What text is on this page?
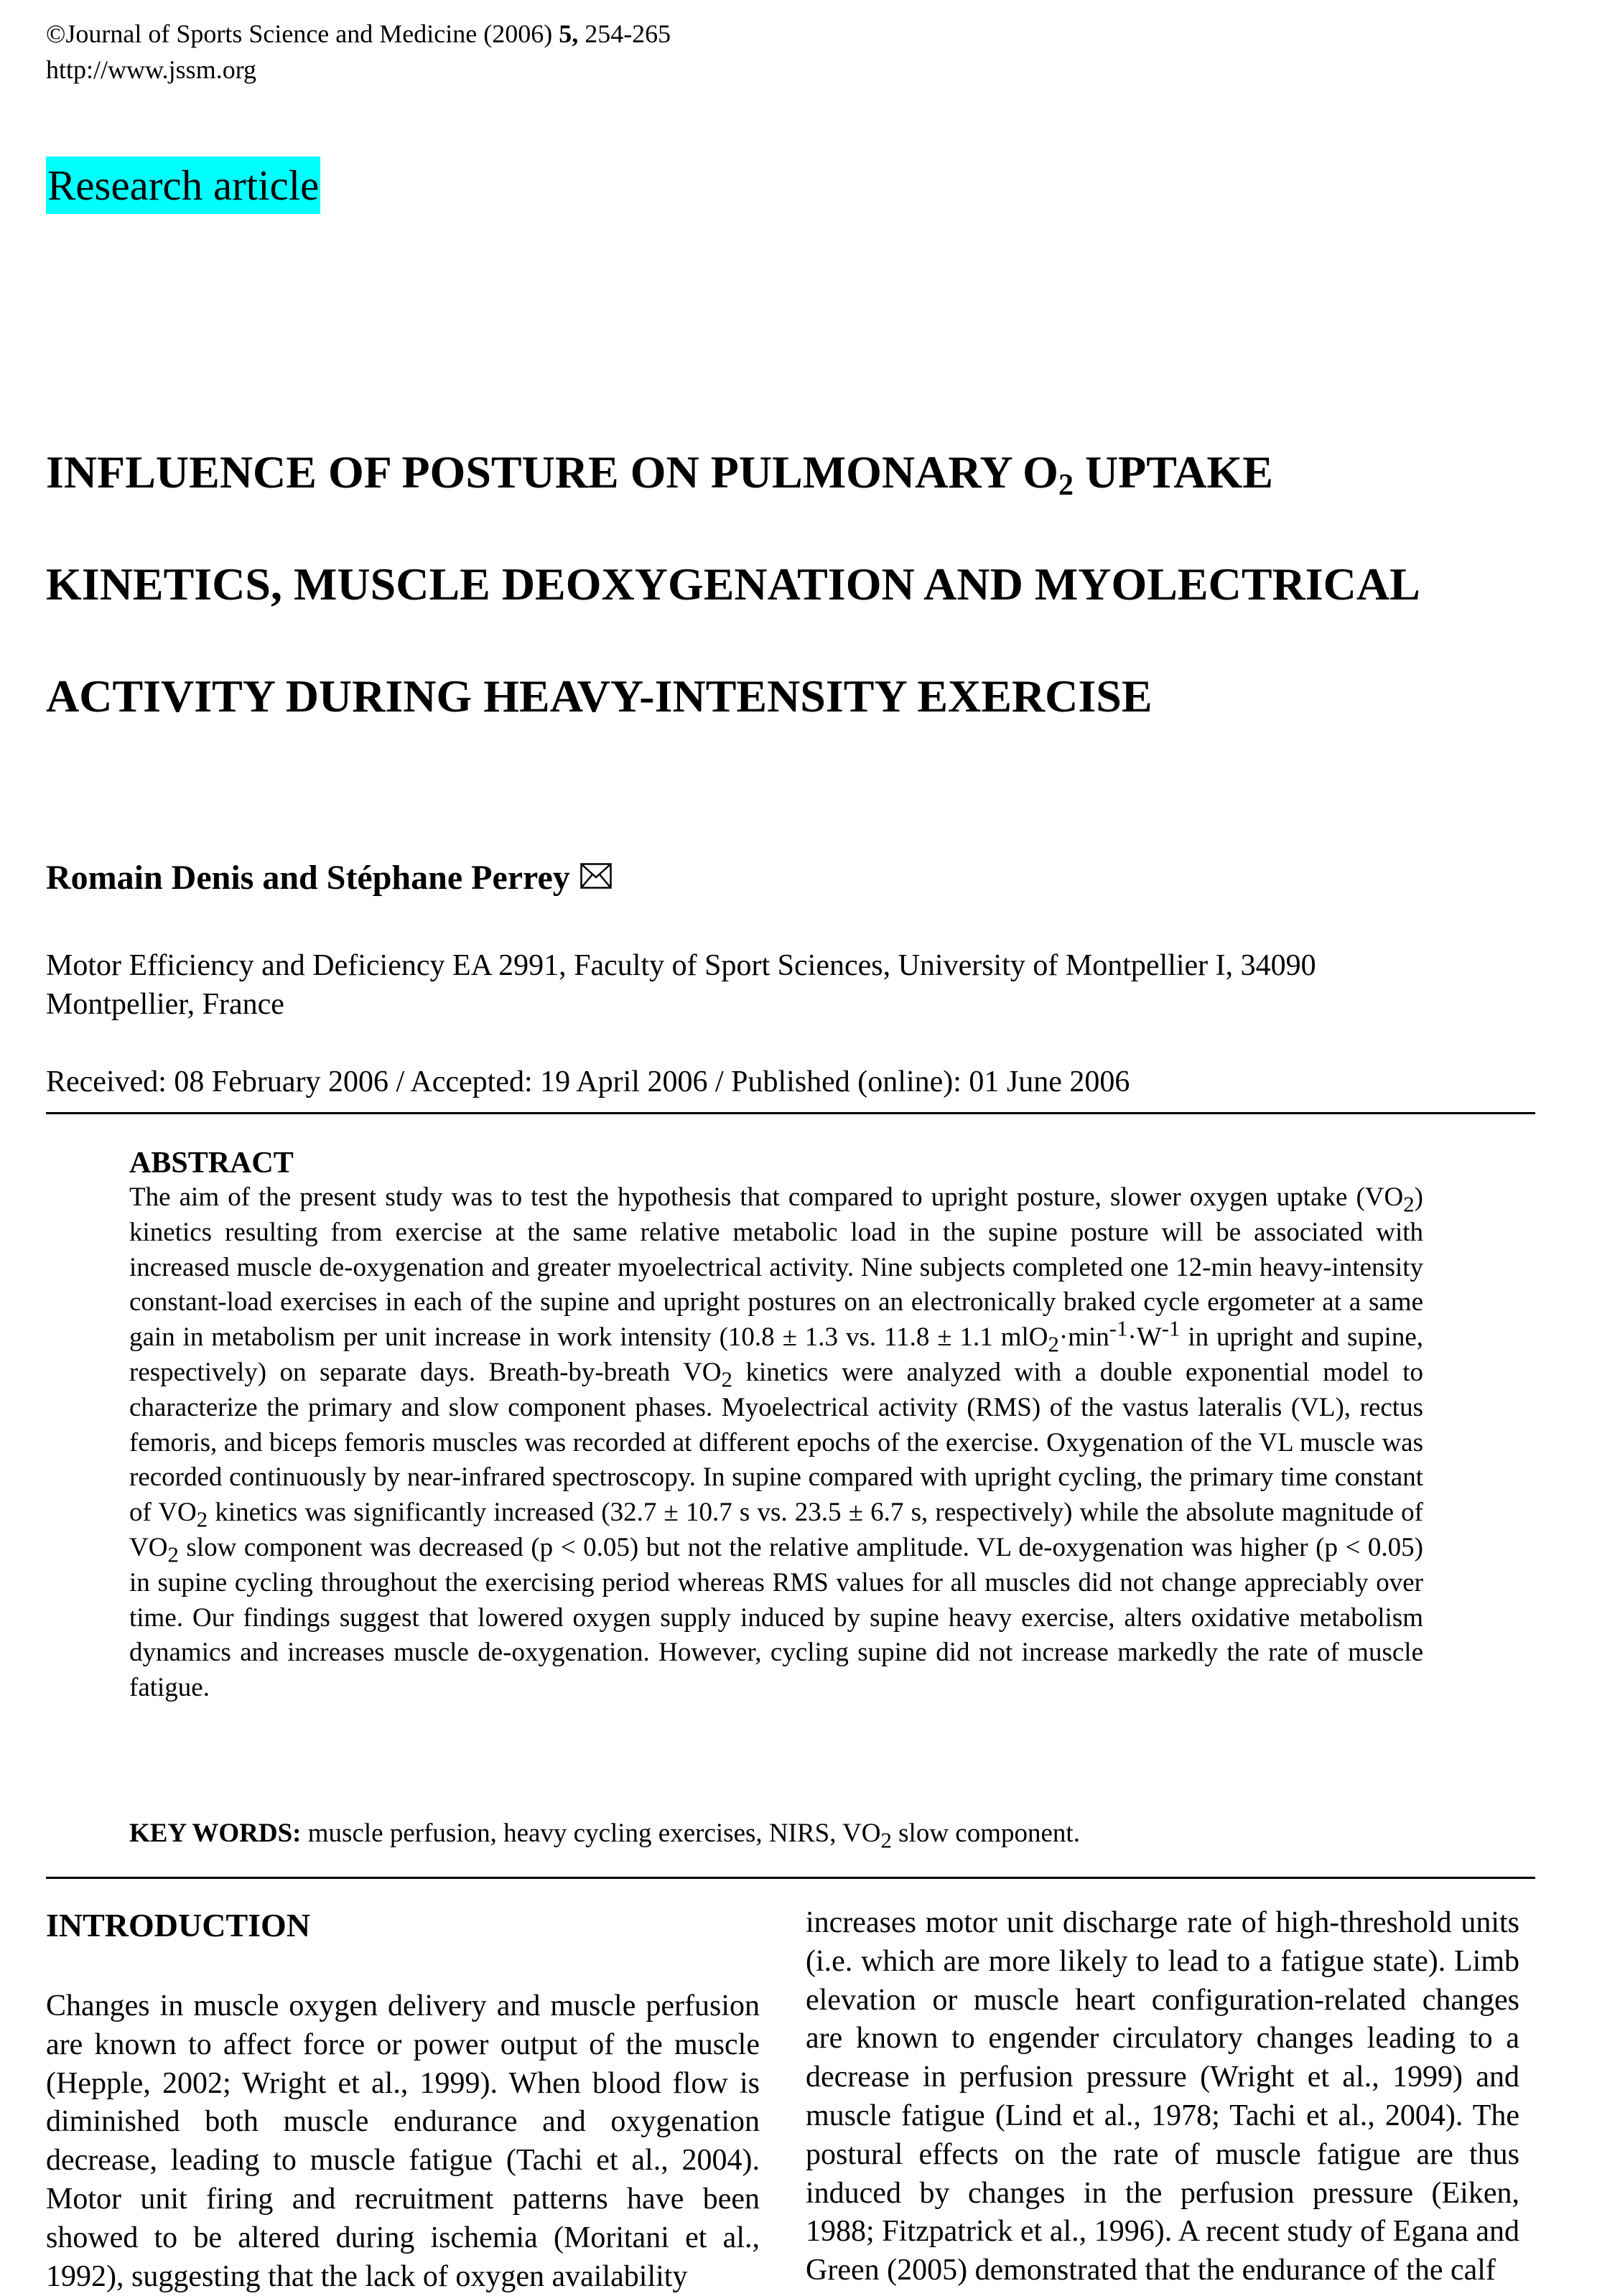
©Journal of Sports Science and Medicine (2006) 5, 254-265
http://www.jssm.org
Research article
INFLUENCE OF POSTURE ON PULMONARY $O_2$ UPTAKE
KINETICS, MUSCLE DEOXYGENATION AND MYOLECTRICAL
ACTIVITY DURING HEAVY-INTENSITY EXERCISE
Romain Denis and Stéphane Perrey
Motor Efficiency and Deficiency EA 2991, Faculty of Sport Sciences, University of Montpellier I, 34090
Montpellier, France
Received: 08 February 2006 / Accepted: 19 April 2006 / Published (online): 01 June 2006
ABSTRACT

The aim of the present study was to test the hypothesis that compared to upright posture, slower oxygen uptake $(VO_2)$ kinetics resulting from exercise at the same relative metabolic load in the supine posture will be associated with increased muscle de-oxygenation and greater myoelectrical activity. Nine subjects completed one 12-min heavy-intensity constant-load exercises in each of the supine and upright postures on an electronically braked cycle ergometer at a same gain in metabolism per unit increase in work intensity (10.8 ± 1.3 vs. 11.8 ± 1.1 $mlO_2\cdot\min^{-1}\cdot W^{-1}$ in upright and supine, respectively) on separate days. Breath-by-breath $VO_2$ kinetics were analyzed with a double exponential model to characterize the primary and slow component phases. Myoelectrical activity (RMS) of the vastus lateralis (VL), rectus femoris, and biceps femoris muscles was recorded at different epochs of the exercise. Oxygenation of the VL muscle was recorded continuously by near-infrared spectroscopy. In supine compared with upright cycling, the primary time constant of $VO_2$ kinetics was significantly increased (32.7 ± 10.7 s vs. 23.5 ± 6.7 s, respectively) while the absolute magnitude of $VO_2$ slow component was decreased (p < 0.05) but not the relative amplitude. VL de-oxygenation was higher (p < 0.05) in supine cycling throughout the exercising period whereas RMS values for all muscles did not change appreciably over time. Our findings suggest that lowered oxygen supply induced by supine heavy exercise, alters oxidative metabolism dynamics and increases muscle de-oxygenation. However, cycling supine did not increase markedly the rate of muscle fatigue.

KEY WORDS: muscle perfusion, heavy cycling exercises, NIRS, $VO_2$ slow component.
INTRODUCTION

Changes in muscle oxygen delivery and muscle perfusion are known to affect force or power output of the muscle (Hepple, 2002; Wright et al., 1999). When blood flow is diminished both muscle endurance and oxygenation decrease, leading to muscle fatigue (Tachi et al., 2004). Motor unit firing and recruitment patterns have been showed to be altered during ischemia (Moritani et al., 1992), suggesting that the lack of oxygen availability

increases motor unit discharge rate of high-threshold units (i.e. which are more likely to lead to a fatigue state). Limb elevation or muscle heart configuration-related changes are known to engender circulatory changes leading to a decrease in perfusion pressure (Wright et al., 1999) and muscle fatigue (Lind et al., 1978; Tachi et al., 2004). The postural effects on the rate of muscle fatigue are thus induced by changes in the perfusion pressure (Eiken, 1988; Fitzpatrick et al., 1996). A recent study of Egana and Green (2005) demonstrated that the endurance of the calf
